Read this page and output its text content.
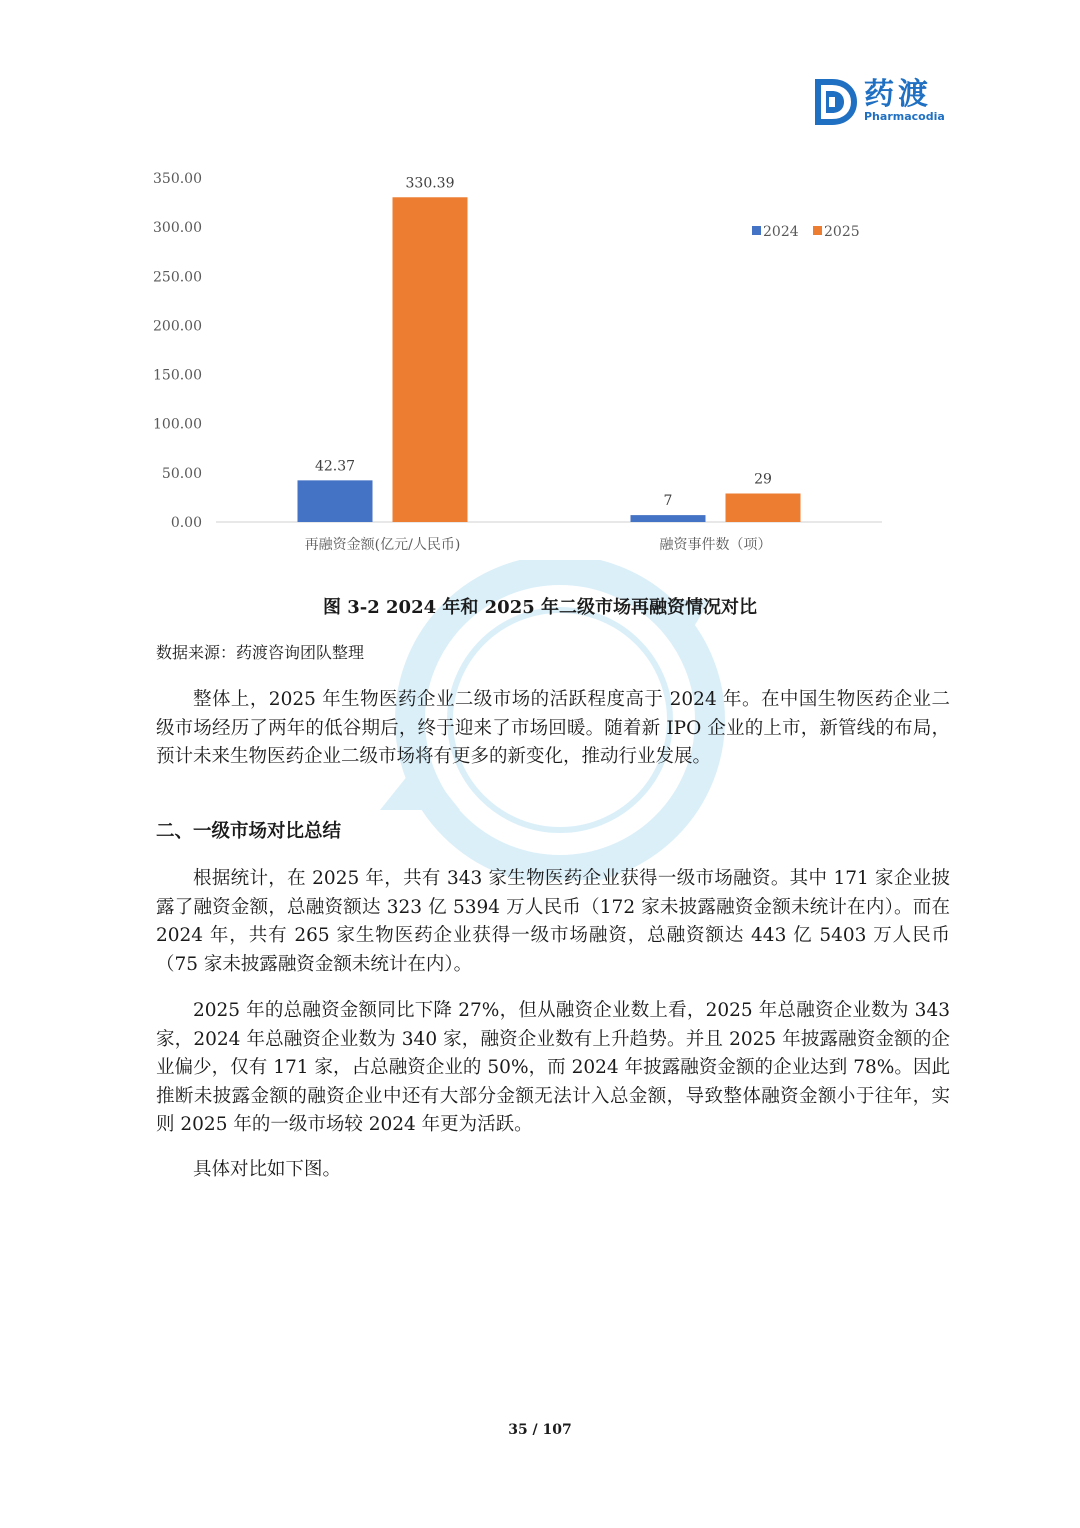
药渡
Pharmacodia
0.00
50.00
100.00
150.00
200.00
250.00
300.00
350.00
42.37
330.39
7
29
再融资金额(亿元/人民币)	融资事件数（项）
2024 2025
图 3-2 2024 年和 2025 年二级市场再融资情况对比
数据来源：药渡咨询团队整理

整体上，2025 年生物医药企业二级市场的活跃程度高于 2024 年。在中国生物医药企业二级市场经历了两年的低谷期后，终于迎来了市场回暖。随着新 IPO 企业的上市，新管线的布局，预计未来生物医药企业二级市场将有更多的新变化，推动行业发展。

二、一级市场对比总结

根据统计，在 2025 年，共有 343 家生物医药企业获得一级市场融资。其中 171 家企业披露了融资金额，总融资额达 323 亿 5394 万人民币（172 家未披露融资金额未统计在内）。而在 2024 年，共有 265 家生物医药企业获得一级市场融资，总融资额达 443 亿 5403 万人民币（75 家未披露融资金额未统计在内）。

2025 年的总融资金额同比下降 27%，但从融资企业数上看，2025 年总融资企业数为 343 家，2024 年总融资企业数为 340 家，融资企业数有上升趋势。并且 2025 年披露融资金额的企业偏少，仅有 171 家，占总融资企业的 50%，而 2024 年披露融资金额的企业达到 78%。因此推断未披露金额的融资企业中还有大部分金额无法计入总金额，导致整体融资金额小于往年，实则 2025 年的一级市场较 2024 年更为活跃。

具体对比如下图。

35 / 107
